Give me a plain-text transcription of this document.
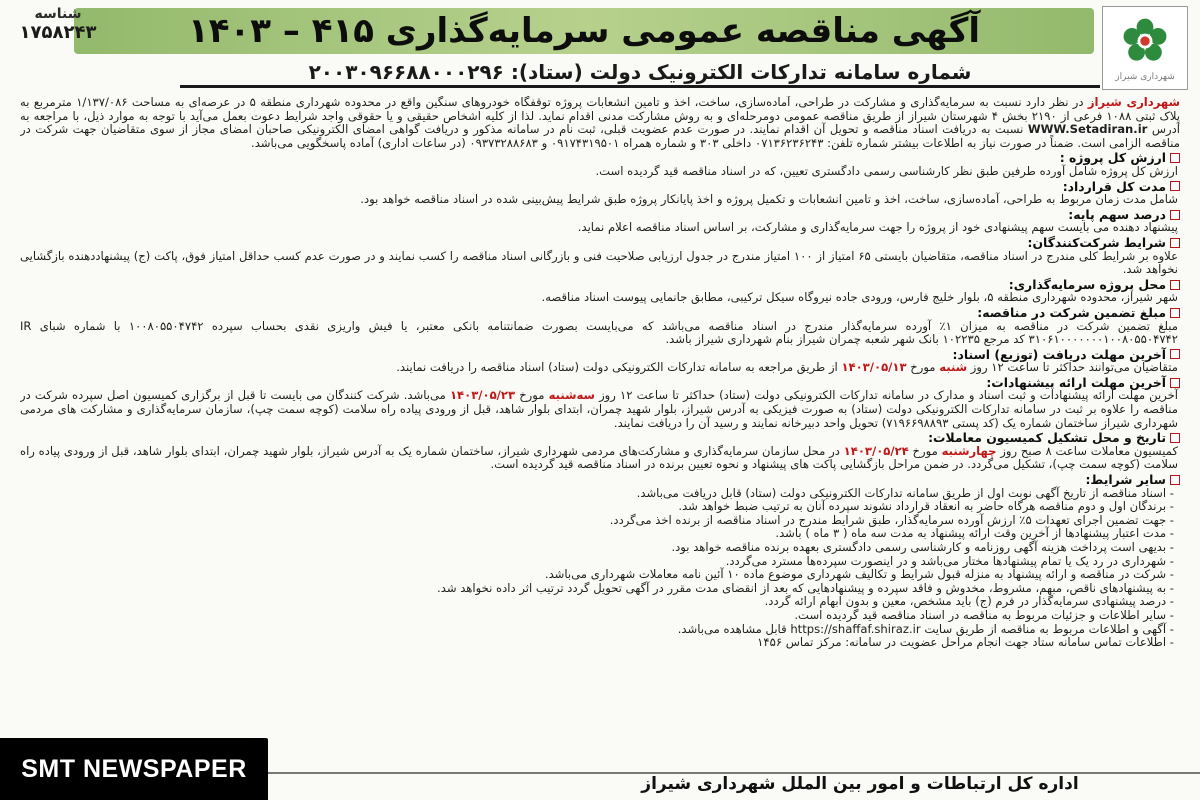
شهرداری شیراز
آگهی مناقصه عمومی سرمایه‌گذاری ۴۱۵ – ۱۴۰۳
شناسه
۱۷۵۸۲۴۳
شماره سامانه تدارکات الکترونیک دولت (ستاد): ۲۰۰۳۰۹۶۶۸۸۰۰۰۲۹۶

شهرداری شیراز در نظر دارد نسبت به سرمایه‌گذاری و مشارکت در طراحی، آماده‌سازی، ساخت، اخذ و تامین انشعابات پروژه توقفگاه خودروهای سنگین واقع در محدوده شهرداری منطقه ۵ در عرصه‌ای به مساحت ۱/۱۳۷/۰۸۶ مترمربع به پلاک ثبتی ۱۰۸۸ فرعی از ۲۱۹۰ بخش ۴ شهرستان شیراز از طریق مناقصه عمومی دومرحله‌ای و به روش مشارکت مدنی اقدام نماید. لذا از کلیه اشخاص حقیقی و یا حقوقی واجد شرایط دعوت بعمل می‌آید با توجه به موارد ذیل، با مراجعه به آدرس WWW.Setadiran.ir نسبت به دریافت اسناد مناقصه و تحویل آن اقدام نمایند. در صورت عدم عضویت قبلی، ثبت نام در سامانه مذکور و دریافت گواهی امضای الکترونیکی صاحبان امضای مجاز از سوی متقاضیان جهت شرکت در مناقصه الزامی است. ضمناً در صورت نیاز به اطلاعات بیشتر شماره تلفن: ۰۷۱۳۶۲۳۶۲۴۳ داخلی ۳۰۳ و شماره همراه ۰۹۱۷۴۳۱۹۵۰۱ و ۰۹۳۷۳۲۸۸۶۸۳ (در ساعات اداری) آماده پاسخگویی می‌باشد.

ارزش کل پروژه :
ارزش کل پروژه شامل آورده طرفین طبق نظر کارشناسی رسمی دادگستری تعیین، که در اسناد مناقصه قید گردیده است.
مدت کل قرارداد:
شامل مدت زمان مربوط به طراحی، آماده‌سازی، ساخت، اخذ و تامین انشعابات و تکمیل پروژه و اخذ پایانکار پروژه طبق شرایط پیش‌بینی شده در اسناد مناقصه خواهد بود.
درصد سهم پایه:
پیشنهاد دهنده می بایست سهم پیشنهادی خود از پروژه را جهت سرمایه‌گذاری و مشارکت، بر اساس اسناد مناقصه اعلام نماید.
شرایط شرکت‌کنندگان:
علاوه بر شرایط کلی مندرج در اسناد مناقصه، متقاضیان بایستی ۶۵ امتیاز از ۱۰۰ امتیاز مندرج در جدول ارزیابی صلاحیت فنی و بازرگانی اسناد مناقصه را کسب نمایند و در صورت عدم کسب حداقل امتیاز فوق، پاکت (ج) پیشنهاددهنده بازگشایی نخواهد شد.
محل پروژه سرمایه‌گذاری:
شهر شیراز، محدوده شهرداری منطقه ۵، بلوار خلیج فارس، ورودی جاده نیروگاه سیکل ترکیبی، مطابق جانمایی پیوست اسناد مناقصه.
مبلغ تضمین شرکت در مناقصه:
مبلغ تضمین شرکت در مناقصه به میزان ۱٪ آورده سرمایه‌گذار مندرج در اسناد مناقصه می‌باشد که می‌بایست بصورت ضمانتنامه بانکی معتبر، یا فیش واریزی نقدی بحساب سپرده ۱۰۰۸۰۵۵۰۴۷۴۲ با شماره شبای IR ۳۱۰۶۱۰۰۰۰۰۰۰۱۰۰۸۰۵۵۰۴۷۴۲ کد مرجع ۱۰۲۲۳۵ بانک شهر شعبه چمران شیراز بنام شهرداری شیراز باشد.
آخرین مهلت دریافت (توزیع) اسناد:
متقاضیان می‌توانند حداکثر تا ساعت ۱۲ روز شنبه مورخ ۱۴۰۳/۰۵/۱۳ از طریق مراجعه به سامانه تدارکات الکترونیکی دولت (ستاد) اسناد مناقصه را دریافت نمایند.
آخرین مهلت ارائه پیشنهادات:
آخرین مهلت ارائه پیشنهادات و ثبت اسناد و مدارک در سامانه تدارکات الکترونیکی دولت (ستاد) حداکثر تا ساعت ۱۲ روز سه‌شنبه مورخ ۱۴۰۳/۰۵/۲۳ می‌باشد. شرکت کنندگان می بایست تا قبل از برگزاری کمیسیون اصل سپرده شرکت در مناقصه را علاوه بر ثبت در سامانه تدارکات الکترونیکی دولت (ستاد) به صورت فیزیکی به آدرس شیراز، بلوار شهید چمران، ابتدای بلوار شاهد، قبل از ورودی پیاده راه سلامت (کوچه سمت چپ)، سازمان سرمایه‌گذاری و مشارکت های مردمی شهرداری شیراز ساختمان شماره یک (کد پستی ۷۱۹۶۶۹۸۸۹۳) تحویل واحد دبیرخانه نمایند و رسید آن را دریافت نمایند.
تاریخ و محل تشکیل کمیسیون معاملات:
کمیسیون معاملات ساعت ۸ صبح روز چهارشنبه مورخ ۱۴۰۳/۰۵/۲۴ در محل سازمان سرمایه‌گذاری و مشارکت‌های مردمی شهرداری شیراز، ساختمان شماره یک به آدرس شیراز، بلوار شهید چمران، ابتدای بلوار شاهد، قبل از ورودی پیاده راه سلامت (کوچه سمت چپ)، تشکیل می‌گردد. در ضمن مراحل بازگشایی پاکت های پیشنهاد و نحوه تعیین برنده در اسناد مناقصه قید گردیده است.
سایر شرایط:
- اسناد مناقصه از تاریخ آگهی نوبت اول از طریق سامانه تدارکات الکترونیکی دولت (ستاد) قابل دریافت می‌باشد.
- برندگان اول و دوم مناقصه هرگاه حاضر به انعقاد قرارداد نشوند سپرده آنان به ترتیب ضبط خواهد شد.
- جهت تضمین اجرای تعهدات ۵٪ ارزش آورده سرمایه‌گذار، طبق شرایط مندرج در اسناد مناقصه از برنده اخذ می‌گردد.
- مدت اعتبار پیشنهادها از آخرین وقت ارائه پیشنهاد به مدت سه ماه ( ۳ ماه ) باشد.
- بدیهی است پرداخت هزینه آگهی روزنامه و کارشناسی رسمی دادگستری بعهده برنده مناقصه خواهد بود.
- شهرداری در رد یک یا تمام پیشنهادها مختار می‌باشد و در اینصورت سپرده‌ها مسترد می‌گردد.
- شرکت در مناقصه و ارائه پیشنهاد به منزله قبول شرایط و تکالیف شهرداری موضوع ماده ۱۰ آئین نامه معاملات شهرداری می‌باشد.
- به پیشنهادهای ناقص، مبهم، مشروط، مخدوش و فاقد سپرده و پیشنهادهایی که بعد از انقضای مدت مقرر در آگهی تحویل گردد ترتیب اثر داده نخواهد شد.
- درصد پیشنهادی سرمایه‌گذار در فرم (ج) باید مشخص، معین و بدون ابهام ارائه گردد.
- سایر اطلاعات و جزئیات مربوط به مناقصه در اسناد مناقصه قید گردیده است.
- آگهی و اطلاعات مربوط به مناقصه از طریق سایت https://shaffaf.shiraz.ir قابل مشاهده می‌باشد.
- اطلاعات تماس سامانه ستاد جهت انجام مراحل عضویت در سامانه: مرکز تماس ۱۴۵۶
اداره کل ارتباطات و امور بین الملل شهرداری شیراز
SMT NEWSPAPER
